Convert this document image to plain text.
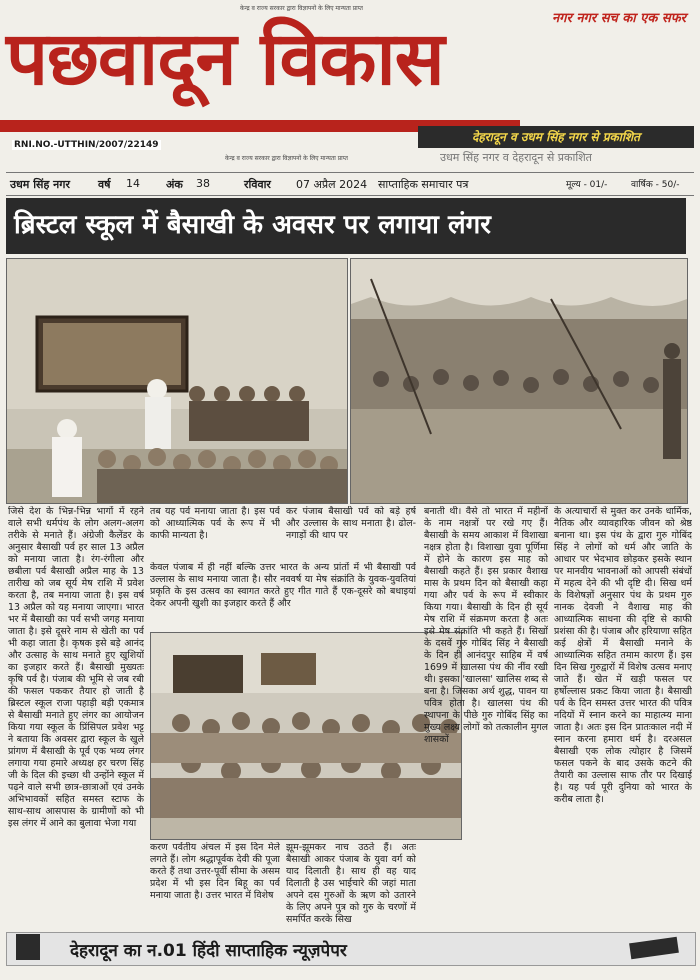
केन्द्र व राज्य सरकार द्वारा विज्ञापनों के लिए मान्यता प्राप्त
नगर नगर सच का एक सफर
पछवादून विकास
RNI.NO.-UTTHIN/2007/22149
देहरादून व उधम सिंह नगर से प्रकाशित
उधम सिंह नगर व देहरादून से प्रकाशित
केन्द्र व राज्य सरकार द्वारा विज्ञापनों के लिए मान्यता प्राप्त
उधम सिंह नगर	वर्ष 14 अंक 38	रविवार 07 अप्रैल 2024 साप्ताहिक समाचार पत्र	मूल्य - 01/-	वार्षिक - 50/-
ब्रिस्टल स्कूल में बैसाखी के अवसर पर लगाया लंगर
जिसे देश के भिन्न-भिन्न भागों में रहने वाले सभी धर्मपंथ के लोग अलग-अलग तरीके से मनाते हैं। अंग्रेजी कैलेंडर के अनुसार बैसाखी पर्व हर साल 13 अप्रैल को मनाया जाता है। रंग-रंगीला और छबीला पर्व बैसाखी अप्रैल माह के 13 तारीख को जब सूर्य मेष राशि में प्रवेश करता है, तब मनाया जाता है। इस वर्ष 13 अप्रैल को यह मनाया जाएगा। भारत भर में बैसाखी का पर्व सभी जगह मनाया जाता है। इसे दूसरे नाम से खेती का पर्व भी कहा जाता है। कृषक इसे बड़े आनंद और उत्साह के साथ मनाते हुए खुशियों का इजहार करते हैं। बैसाखी मुख्यतः कृषि पर्व है। पंजाब की भूमि से जब रबी की फसल पककर तैयार हो जाती है ब्रिस्टल स्कूल राजा पहाड़ी बड़ी एकमात्र से बैसाखी मनाते हुए लंगर का आयोजन किया गया स्कूल के प्रिंसिपल प्रवेश भट्ट ने बताया कि अवसर द्वारा स्कूल के खुले प्रांगण में बैसाखी के पूर्व एक भव्य लंगर लगाया गया हमारे अध्यक्ष हर चरण सिंह जी के दिल की इच्छा थी उन्होंने स्कूल में पढ़ने वाले सभी छात्र-छात्राओं एवं उनके अभिभावकों सहित समस्त स्टाफ के साथ-साथ आसपास के ग्रामीणों को भी इस लंगर में आने का बुलावा भेजा गया
तब यह पर्व मनाया जाता है। इस पर्व को आध्यात्मिक पर्व के रूप में भी काफी मान्यता है।
कर पंजाब बैसाखी पर्व को बड़े हर्ष और उल्लास के साथ मनाता है। ढोल-नगाड़ों की थाप पर
केवल पंजाब में ही नहीं बल्कि उत्तर भारत के अन्य प्रांतों में भी बैसाखी पर्व उल्लास के साथ मनाया जाता है। सौर नववर्ष या मेष संक्रांति के युवक-युवतियां प्रकृति के इस उत्सव का स्वागत करते हुए गीत गाते हैं एक-दूसरे को बधाइयां देकर अपनी खुशी का इजहार करते हैं और
करण पर्वतीय अंचल में इस दिन मेले लगते हैं। लोग श्रद्धापूर्वक देवी की पूजा करते हैं तथा उत्तर-पूर्वी सीमा के असम प्रदेश में भी इस दिन बिहू का पर्व मनाया जाता है। उत्तर भारत में विशेष
झूम-झूमकर नाच उठते हैं। अतः बैसाखी आकर पंजाब के युवा वर्ग को याद दिलाती है। साथ ही वह याद दिलाती है उस भाईचारे की जहां माता अपने दस गुरुओं के ऋण को उतारने के लिए अपने पुत्र को गुरु के चरणों में समर्पित करके सिख
बनाती थी। वैसे तो भारत में महीनों के नाम नक्षत्रों पर रखे गए हैं। बैसाखी के समय आकाश में विशाखा नक्षत्र होता है। विशाखा युवा पूर्णिमा में होने के कारण इस माह को बैसाखी कहते हैं। इस प्रकार वैशाख मास के प्रथम दिन को बैसाखी कहा गया और पर्व के रूप में स्वीकार किया गया। बैसाखी के दिन ही सूर्य मेष राशि में संक्रमण करता है अतः इसे मेष संक्रांति भी कहते हैं। सिखों के दसवें गुरु गोबिंद सिंह ने बैसाखी के दिन ही आनंदपुर साहिब में वर्ष 1699 में खालसा पंथ की नींव रखी थी। इसका 'खालसा' खालिस शब्द से बना है। जिसका अर्थ शुद्ध, पावन या पवित्र होता है। खालसा पंथ की स्थापना के पीछे गुरु गोबिंद सिंह का मुख्य लक्ष्य लोगों को तत्कालीन मुगल शासकों
के अत्याचारों से मुक्त कर उनके धार्मिक, नैतिक और व्यावहारिक जीवन को श्रेष्ठ बनाना था। इस पंथ के द्वारा गुरु गोबिंद सिंह ने लोगों को धर्म और जाति के आधार पर भेदभाव छोड़कर इसके स्थान पर मानवीय भावनाओं को आपसी संबंधों में महत्व देने की भी दृष्टि दी। सिख धर्म के विशेषज्ञों अनुसार पंथ के प्रथम गुरु नानक देवजी ने वैशाख माह की आध्यात्मिक साधना की दृष्टि से काफी प्रशंसा की है। पंजाब और हरियाणा सहित कई क्षेत्रों में बैसाखी मनाने के आध्यात्मिक सहित तमाम कारण हैं। इस दिन सिख गुरुद्वारों में विशेष उत्सव मनाए जाते हैं। खेत में खड़ी फसल पर हर्षोल्लास प्रकट किया जाता है। बैसाखी पर्व के दिन समस्त उत्तर भारत की पवित्र नदियों में स्नान करने का माहात्म्य माना जाता है। अतः इस दिन प्रातःकाल नदी में स्नान करना हमारा धर्म है। दरअसल बैसाखी एक लोक त्योहार है जिसमें फसल पकने के बाद उसके कटने की तैयारी का उल्लास साफ तौर पर दिखाई है। यह पर्व पूरी दुनिया को भारत के करीब लाता है।
देहरादून का न.01 हिंदी साप्ताहिक न्यूज़पेपर
